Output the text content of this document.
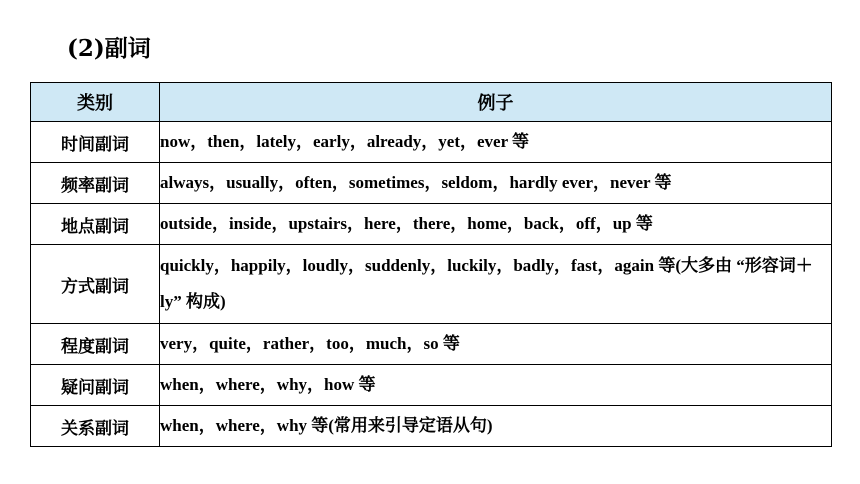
(2)副词
类别	例子
时间副词	now，then，lately，early，already，yet，ever 等
频率副词	always，usually，often，sometimes，seldom，hardly ever，never 等
地点副词	outside，inside，upstairs，here，there，home，back，off，up 等
方式副词	quickly，happily，loudly，suddenly，luckily，badly，fast，again 等(大多由 “形容词＋ly” 构成)
程度副词	very，quite，rather，too，much，so 等
疑问副词	when，where，why，how 等
关系副词	when，where，why 等(常用来引导定语从句)
